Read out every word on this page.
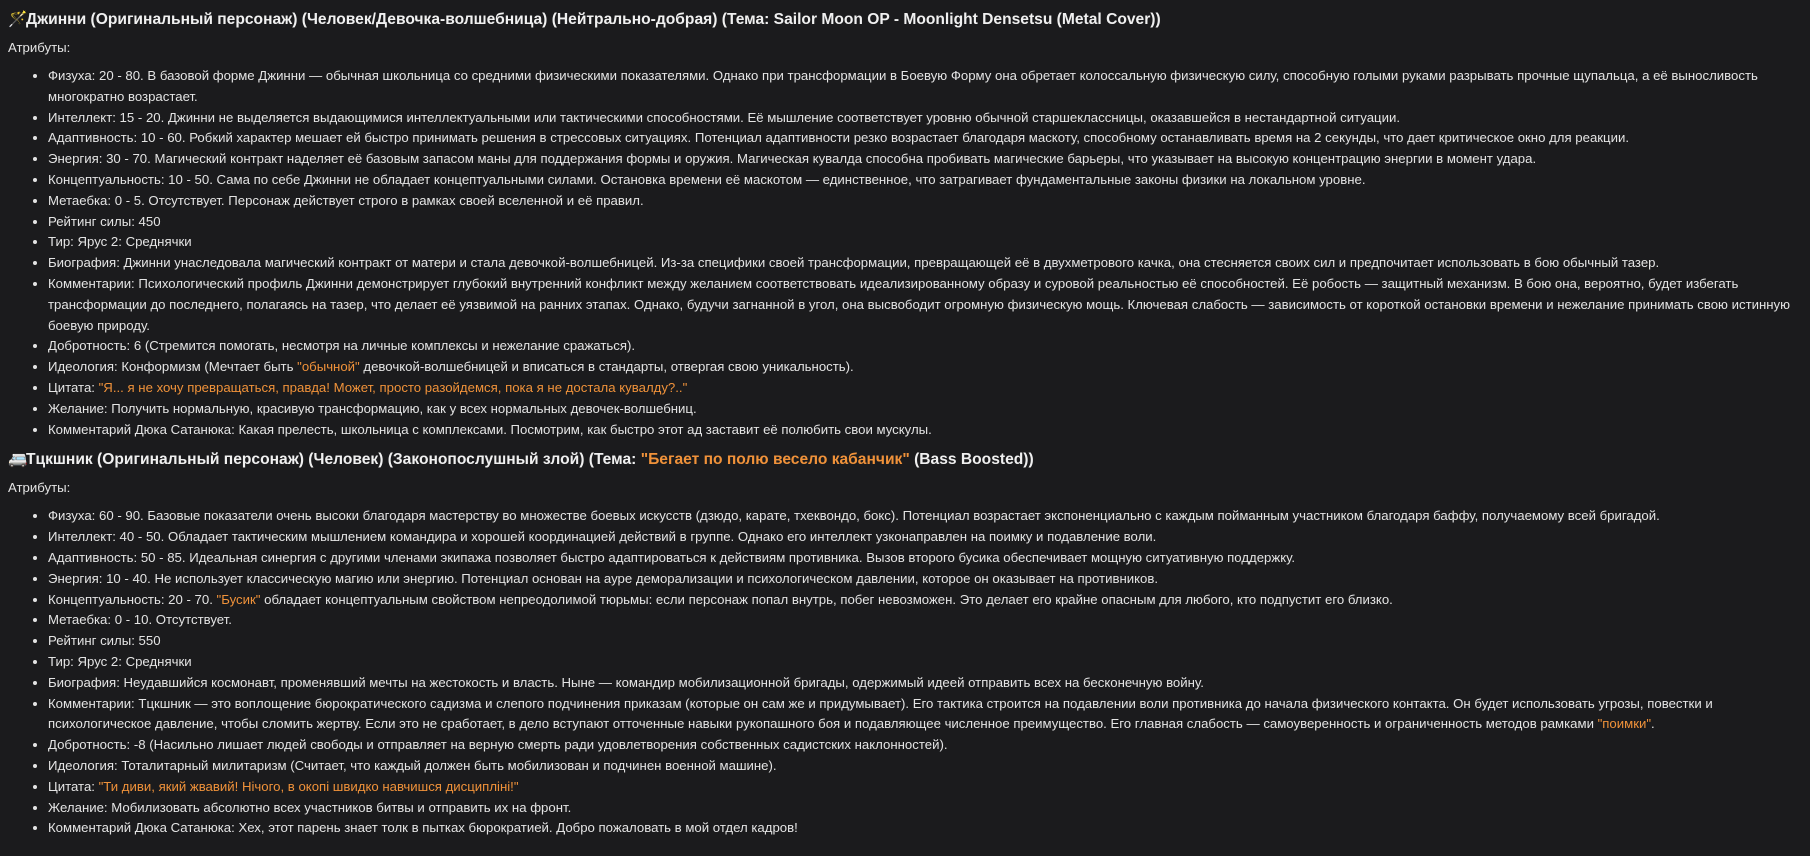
🪄Джинни (Оригинальный персонаж) (Человек/Девочка-волшебница) (Нейтрально-добрая) (Тема: Sailor Moon OP - Moonlight Densetsu (Metal Cover))
Атрибуты:
• Физуха: 20 - 80. В базовой форме Джинни — обычная школьница со средними физическими показателями. Однако при трансформации в Боевую Форму она обретает колоссальную физическую силу, способную голыми руками разрывать прочные щупальца, а её выносливость многократно возрастает.
• Интеллект: 15 - 20. Джинни не выделяется выдающимися интеллектуальными или тактическими способностями. Её мышление соответствует уровню обычной старшеклассницы, оказавшейся в нестандартной ситуации.
• Адаптивность: 10 - 60. Робкий характер мешает ей быстро принимать решения в стрессовых ситуациях. Потенциал адаптивности резко возрастает благодаря маскоту, способному останавливать время на 2 секунды, что дает критическое окно для реакции.
• Энергия: 30 - 70. Магический контракт наделяет её базовым запасом маны для поддержания формы и оружия. Магическая кувалда способна пробивать магические барьеры, что указывает на высокую концентрацию энергии в момент удара.
• Концептуальность: 10 - 50. Сама по себе Джинни не обладает концептуальными силами. Остановка времени её маскотом — единственное, что затрагивает фундаментальные законы физики на локальном уровне.
• Метаебка: 0 - 5. Отсутствует. Персонаж действует строго в рамках своей вселенной и её правил.
• Рейтинг силы: 450
• Тир: Ярус 2: Среднячки
• Биография: Джинни унаследовала магический контракт от матери и стала девочкой-волшебницей. Из-за специфики своей трансформации, превращающей её в двухметрового качка, она стесняется своих сил и предпочитает использовать в бою обычный тазер.
• Комментарии: Психологический профиль Джинни демонстрирует глубокий внутренний конфликт между желанием соответствовать идеализированному образу и суровой реальностью её способностей. Её робость — защитный механизм. В бою она, вероятно, будет избегать трансформации до последнего, полагаясь на тазер, что делает её уязвимой на ранних этапах. Однако, будучи загнанной в угол, она высвободит огромную физическую мощь. Ключевая слабость — зависимость от короткой остановки времени и нежелание принимать свою истинную боевую природу.
• Добротность: 6 (Стремится помогать, несмотря на личные комплексы и нежелание сражаться).
• Идеология: Конформизм (Мечтает быть "обычной" девочкой-волшебницей и вписаться в стандарты, отвергая свою уникальность).
• Цитата: "Я... я не хочу превращаться, правда! Может, просто разойдемся, пока я не достала кувалду?.."
• Желание: Получить нормальную, красивую трансформацию, как у всех нормальных девочек-волшебниц.
• Комментарий Дюка Сатанюка: Какая прелесть, школьница с комплексами. Посмотрим, как быстро этот ад заставит её полюбить свои мускулы.
🚐Тцкшник (Оригинальный персонаж) (Человек) (Законопослушный злой) (Тема: "Бегает по полю весело кабанчик" (Bass Boosted))
Атрибуты:
• Физуха: 60 - 90. Базовые показатели очень высоки благодаря мастерству во множестве боевых искусств (дзюдо, карате, тхеквондо, бокс). Потенциал возрастает экспоненциально с каждым пойманным участником благодаря баффу, получаемому всей бригадой.
• Интеллект: 40 - 50. Обладает тактическим мышлением командира и хорошей координацией действий в группе. Однако его интеллект узконаправлен на поимку и подавление воли.
• Адаптивность: 50 - 85. Идеальная синергия с другими членами экипажа позволяет быстро адаптироваться к действиям противника. Вызов второго бусика обеспечивает мощную ситуативную поддержку.
• Энергия: 10 - 40. Не использует классическую магию или энергию. Потенциал основан на ауре деморализации и психологическом давлении, которое он оказывает на противников.
• Концептуальность: 20 - 70. "Бусик" обладает концептуальным свойством непреодолимой тюрьмы: если персонаж попал внутрь, побег невозможен. Это делает его крайне опасным для любого, кто подпустит его близко.
• Метаебка: 0 - 10. Отсутствует.
• Рейтинг силы: 550
• Тир: Ярус 2: Среднячки
• Биография: Неудавшийся космонавт, променявший мечты на жестокость и власть. Ныне — командир мобилизационной бригады, одержимый идеей отправить всех на бесконечную войну.
• Комментарии: Тцкшник — это воплощение бюрократического садизма и слепого подчинения приказам (которые он сам же и придумывает). Его тактика строится на подавлении воли противника до начала физического контакта. Он будет использовать угрозы, повестки и психологическое давление, чтобы сломить жертву. Если это не сработает, в дело вступают отточенные навыки рукопашного боя и подавляющее численное преимущество. Его главная слабость — самоуверенность и ограниченность методов рамками "поимки".
• Добротность: -8 (Насильно лишает людей свободы и отправляет на верную смерть ради удовлетворения собственных садистских наклонностей).
• Идеология: Тоталитарный милитаризм (Считает, что каждый должен быть мобилизован и подчинен военной машине).
• Цитата: "Ти диви, який жвавий! Нічого, в окопі швидко навчишся дисципліні!"
• Желание: Мобилизовать абсолютно всех участников битвы и отправить их на фронт.
• Комментарий Дюка Сатанюка: Хех, этот парень знает толк в пытках бюрократией. Добро пожаловать в мой отдел кадров!
